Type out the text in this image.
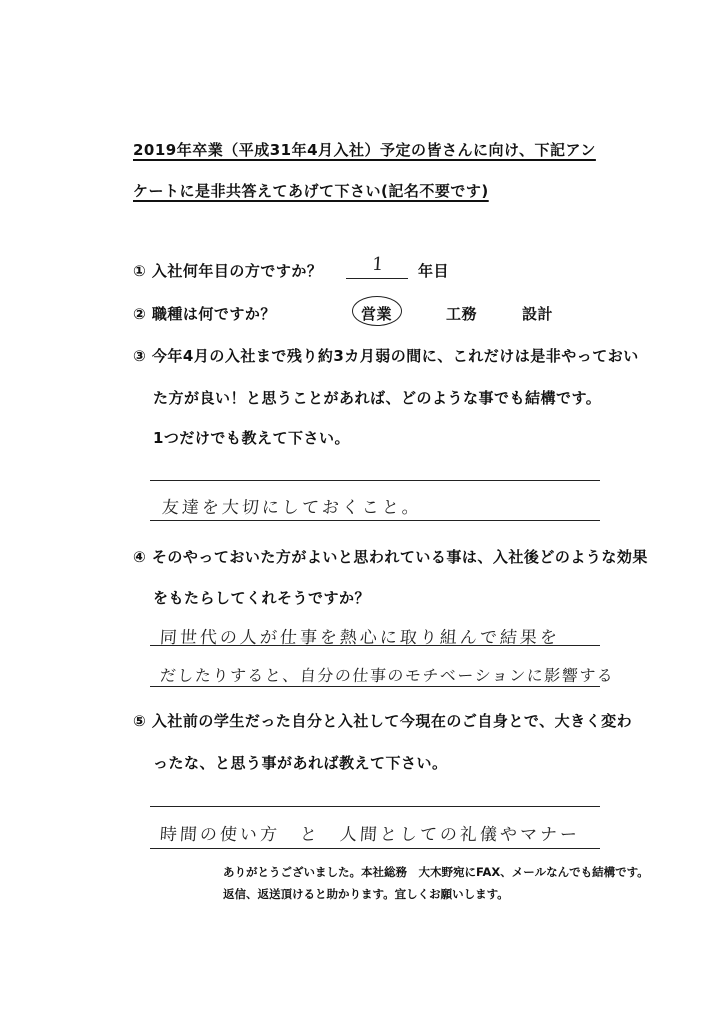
2019年卒業（平成31年4月入社）予定の皆さんに向け、下記アン
ケートに是非共答えてあげて下さい(記名不要です)
① 入社何年目の方ですか？	1 年目
② 職種は何ですか？	営業	工務	設計
③ 今年4月の入社まで残り約3カ月弱の間に、これだけは是非やっておい
た方が良い！と思うことがあれば、どのような事でも結構です。
1つだけでも教えて下さい。
友達を大切にしておくこと。
④ そのやっておいた方がよいと思われている事は、入社後どのような効果
をもたらしてくれそうですか？
同世代の人が仕事を熱心に取り組んで結果を
だしたりすると、自分の仕事のモチベーションに影響する
⑤ 入社前の学生だった自分と入社して今現在のご自身とで、大きく変わ
ったな、と思う事があれば教えて下さい。
時間の使い方　と　人間としての礼儀やマナー
ありがとうございました。本社総務　大木野宛にFAX、メールなんでも結構です。
返信、返送頂けると助かります。宜しくお願いします。
